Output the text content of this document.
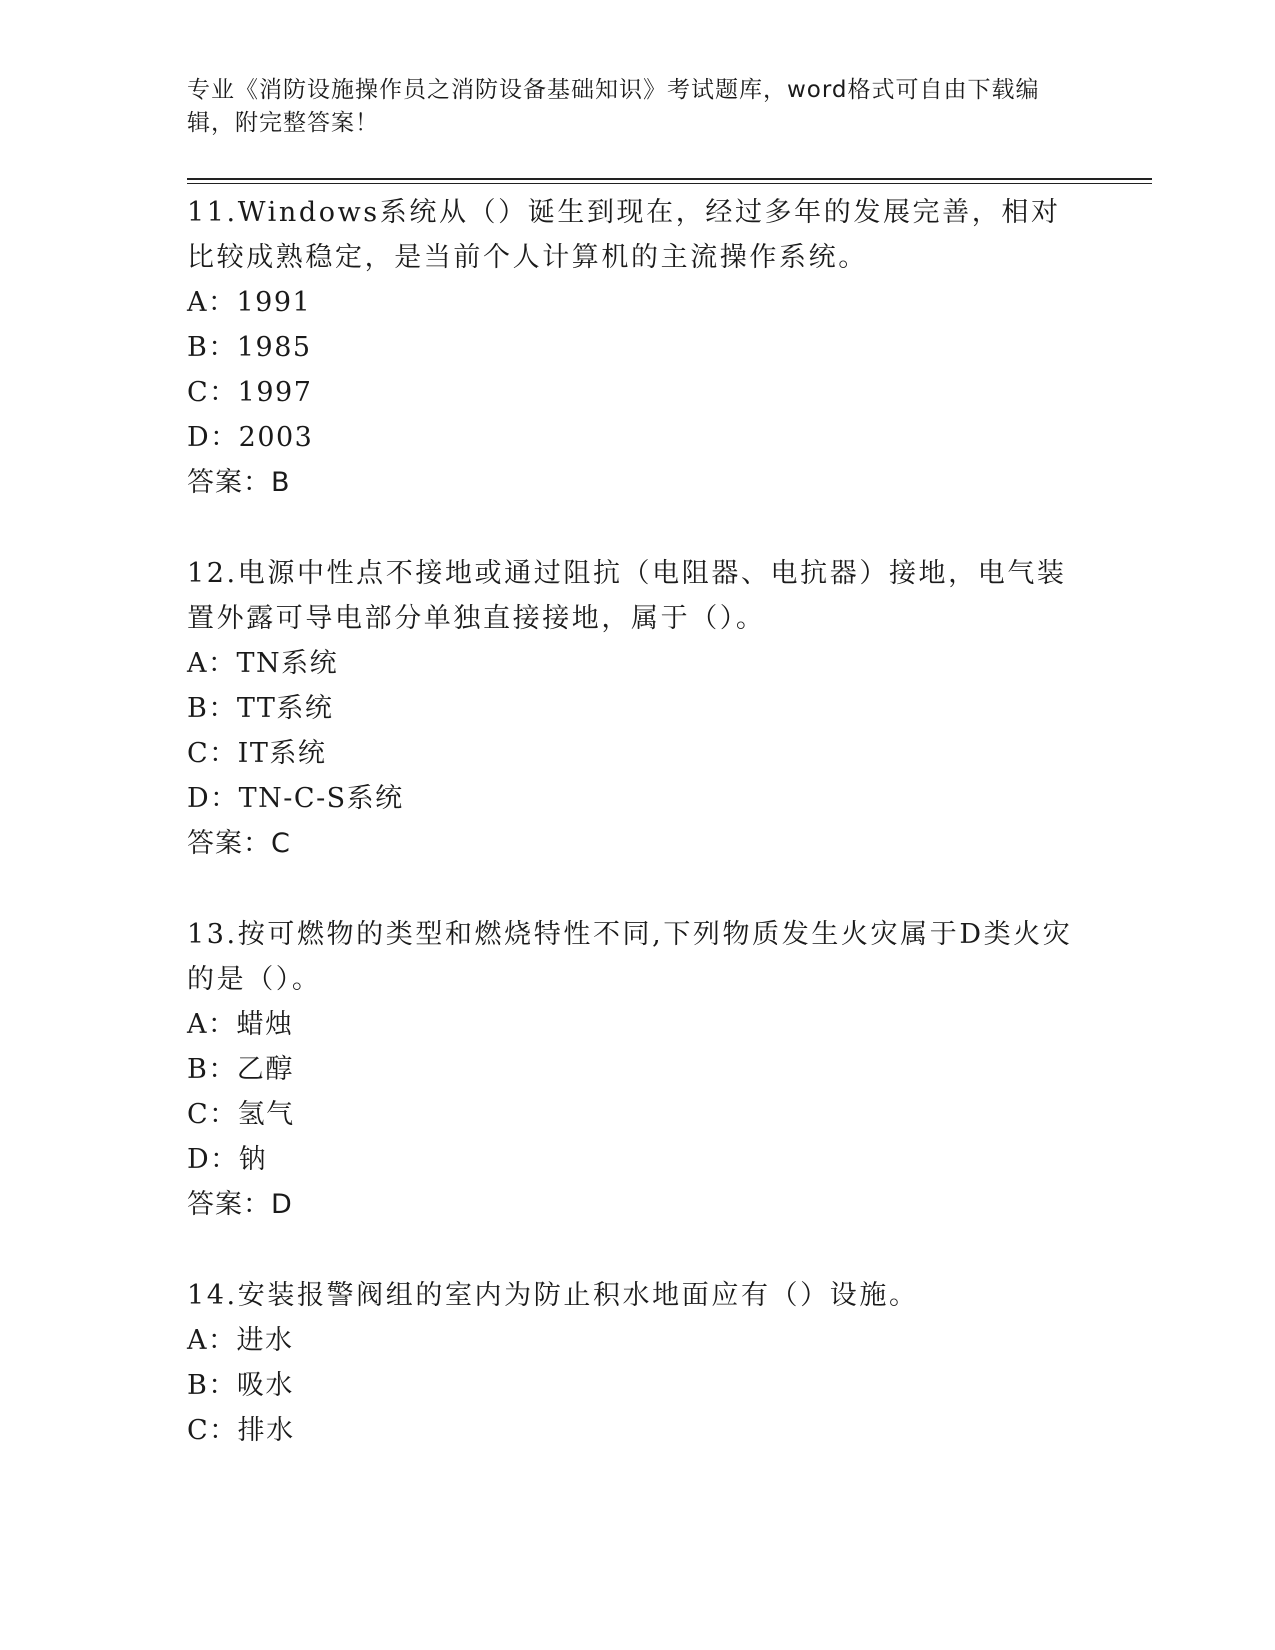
专业《消防设施操作员之消防设备基础知识》考试题库，word格式可自由下载编辑，附完整答案！

11.Windows系统从（）诞生到现在，经过多年的发展完善，相对比较成熟稳定，是当前个人计算机的主流操作系统。

A：1991

B：1985

C：1997

D：2003

答案：B

12.电源中性点不接地或通过阻抗（电阻器、电抗器）接地，电气装置外露可导电部分单独直接接地，属于（）。

A：TN系统

B：TT系统

C：IT系统

D：TN-C-S系统

答案：C

13.按可燃物的类型和燃烧特性不同,下列物质发生火灾属于D类火灾的是（）。

A：蜡烛

B：乙醇

C：氢气

D：钠

答案：D

14.安装报警阀组的室内为防止积水地面应有（）设施。

A：进水

B：吸水

C：排水
